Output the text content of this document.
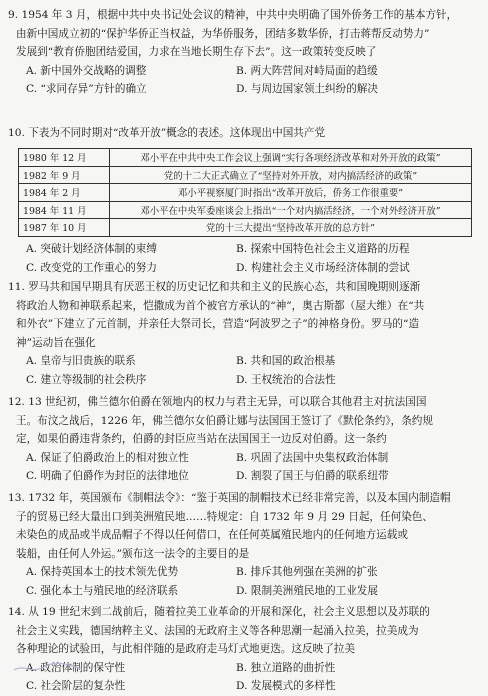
9. 1954 年 3 月，根据中共中央书记处会议的精神，中共中央明确了国外侨务工作的基本方针，
由新中国成立初的“保护华侨正当权益，为华侨服务，团结多数华侨，打击蒋帮反动势力”
发展到“教育侨胞团结爱国，力求在当地长期生存下去”。这一政策转变反映了
A. 新中国外交战略的调整	B. 两大阵营间对峙局面的趋缓
C. “求同存异”方针的确立	D. 与周边国家领土纠纷的解决
10. 下表为不同时期对“改革开放”概念的表述。这体现出中国共产党
1980 年 12 月	邓小平在中共中央工作会议上强调“实行各项经济改革和对外开放的政策”
1982 年 9 月	党的十二大正式确立了“坚持对外开放，对内搞活经济的政策”
1984 年 2 月	邓小平视察厦门时指出“改革开放后，侨务工作很重要”
1984 年 11 月	邓小平在中央军委座谈会上指出“一个对内搞活经济，一个对外经济开放”
1987 年 10 月	党的十三大提出“坚持改革开放的总方针”
A. 突破计划经济体制的束缚	B. 探索中国特色社会主义道路的历程
C. 改变党的工作重心的努力	D. 构建社会主义市场经济体制的尝试
11. 罗马共和国早期具有厌恶王权的历史记忆和共和主义的民族心态，共和国晚期则逐渐
将政治人物和神联系起来，恺撒成为首个被官方承认的“神”，奥古斯都（屋大维）在“共
和外衣”下建立了元首制，并亲任大祭司长，营造“阿波罗之子”的神格身份。罗马的“造
神”运动旨在强化
A. 皇帝与旧贵族的联系	B. 共和国的政治根基
C. 建立等级制的社会秩序	D. 王权统治的合法性
12. 13 世纪初，佛兰德尔伯爵在领地内的权力与君主无异，可以联合其他君主对抗法国国
王。布汶之战后，1226 年，佛兰德尔女伯爵让娜与法国国王签订了《默伦条约》，条约规
定，如果伯爵违背条约，伯爵的封臣应当站在法国国王一边反对伯爵。这一条约
A. 保证了伯爵政治上的相对独立性	B. 巩固了法国中央集权政治体制
C. 明确了伯爵作为封臣的法律地位	D. 割裂了国王与伯爵的联系纽带
13. 1732 年，英国颁布《制帽法令》：“鉴于英国的制帽技术已经非常完善，以及本国内制造帽
子的贸易已经大量出口到美洲殖民地……特规定：自 1732 年 9 月 29 日起，任何染色、
未染色的成品或半成品帽子不得以任何借口，在任何英属殖民地内的任何地方运载或
装船，由任何人外运。”颁布这一法令的主要目的是
A. 保持英国本土的技术领先优势	B. 排斥其他列强在美洲的扩张
C. 强化本土与殖民地的经济联系	D. 限制美洲殖民地的工业发展
14. 从 19 世纪末到二战前后，随着拉美工业革命的开展和深化，社会主义思想以及苏联的
社会主义实践，德国纳粹主义、法国的无政府主义等各种思潮一起涌入拉美，拉美成为
各种理论的试验田，与此相伴随的是政府走马灯式地更迭。这反映了拉美
A. 政治体制的保守性	B. 独立道路的曲折性
C. 社会阶层的复杂性	D. 发展模式的多样性
